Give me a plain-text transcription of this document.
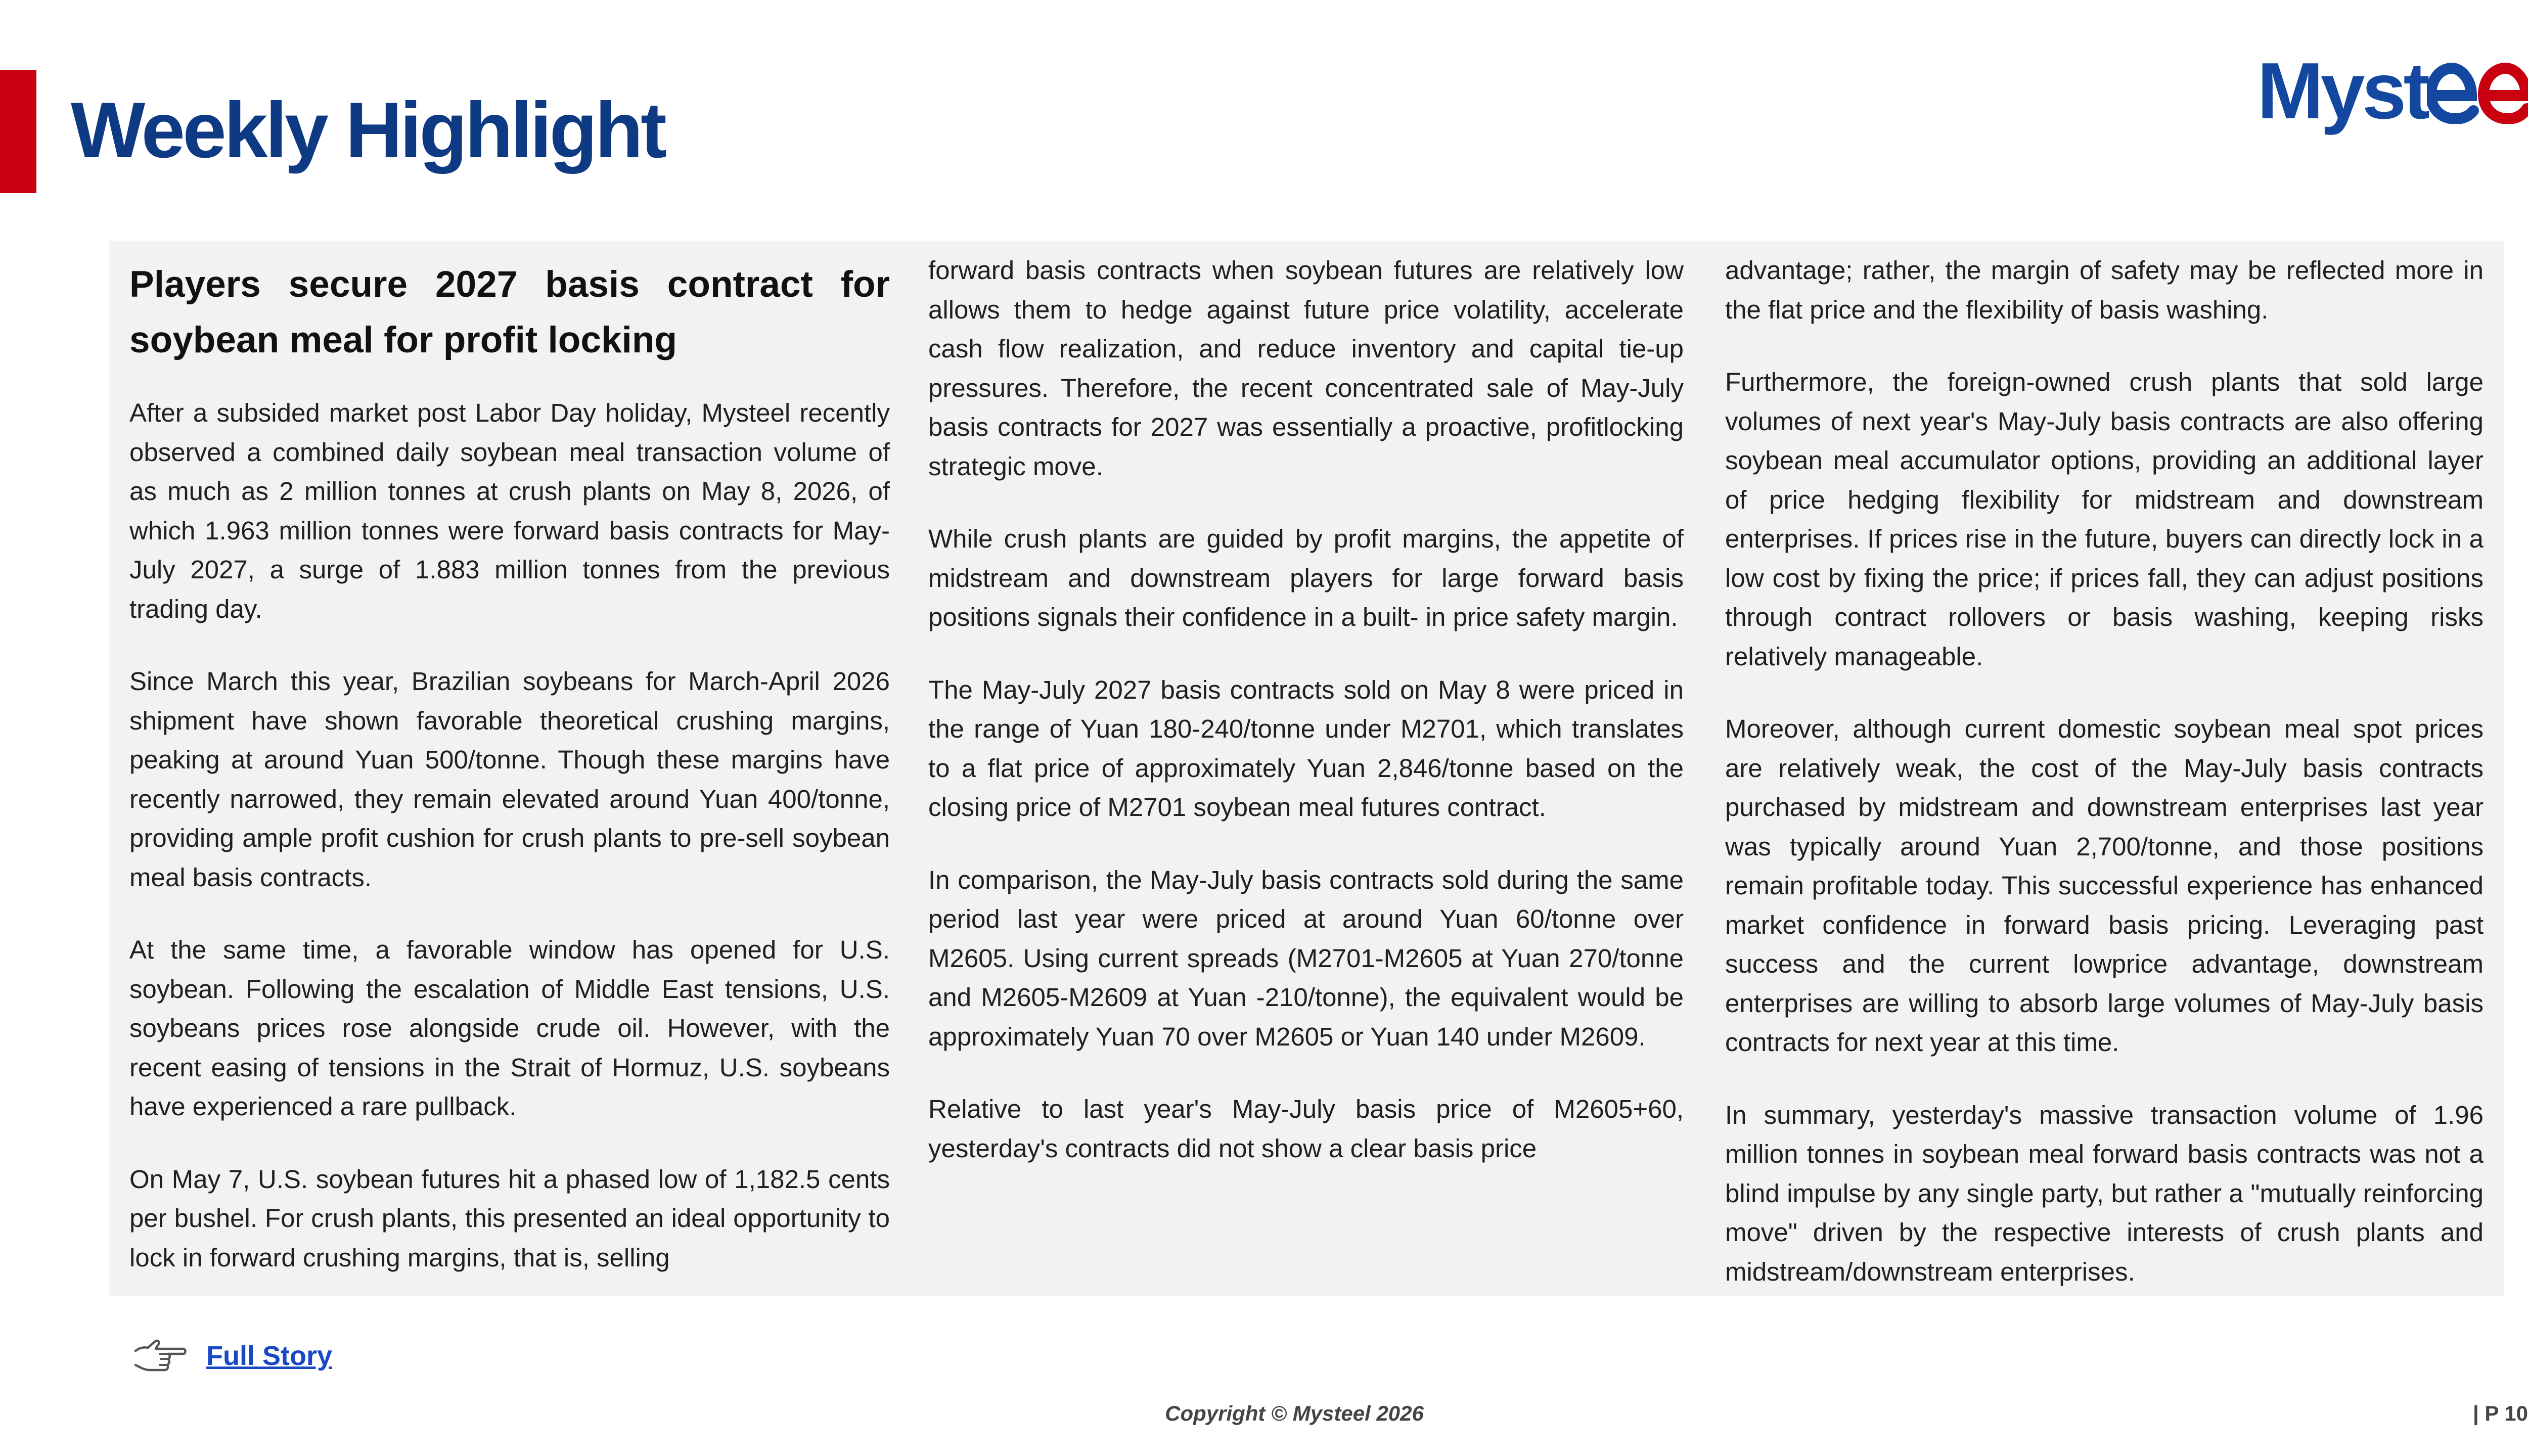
Weekly Highlight	Myst
Players secure 2027 basis contract for soybean meal for profit locking

After a subsided market post Labor Day holiday, Mysteel recently observed a combined daily soybean meal transaction volume of as much as 2 million tonnes at crush plants on May 8, 2026, of which 1.963 million tonnes were forward basis contracts for May-July 2027, a surge of 1.883 million tonnes from the previous trading day.

Since March this year, Brazilian soybeans for March-April 2026 shipment have shown favorable theoretical crushing margins, peaking at around Yuan 500/tonne. Though these margins have recently narrowed, they remain elevated around Yuan 400/tonne, providing ample profit cushion for crush plants to pre-sell soybean meal basis contracts.

At the same time, a favorable window has opened for U.S. soybean. Following the escalation of Middle East tensions, U.S. soybeans prices rose alongside crude oil. However, with the recent easing of tensions in the Strait of Hormuz, U.S. soybeans have experienced a rare pullback.

On May 7, U.S. soybean futures hit a phased low of 1,182.5 cents per bushel. For crush plants, this presented an ideal opportunity to lock in forward crushing margins, that is, selling

forward basis contracts when soybean futures are relatively low allows them to hedge against future price volatility, accelerate cash flow realization, and reduce inventory and capital tie-up pressures. Therefore, the recent concentrated sale of May-July basis contracts for 2027 was essentially a proactive, profitlocking strategic move.

While crush plants are guided by profit margins, the appetite of midstream and downstream players for large forward basis positions signals their confidence in a built‐ in price safety margin.

The May-July 2027 basis contracts sold on May 8 were priced in the range of Yuan 180-240/tonne under M2701, which translates to a flat price of approximately Yuan 2,846/tonne based on the closing price of M2701 soybean meal futures contract.

In comparison, the May-July basis contracts sold during the same period last year were priced at around Yuan 60/tonne over M2605. Using current spreads (M2701-M2605 at Yuan 270/tonne and M2605-M2609 at Yuan -210/tonne), the equivalent would be approximately Yuan 70 over M2605 or Yuan 140 under M2609.

Relative to last year's May-July basis price of M2605+60, yesterday's contracts did not show a clear basis price

advantage; rather, the margin of safety may be reflected more in the flat price and the flexibility of basis washing.

Furthermore, the foreign-owned crush plants that sold large volumes of next year's May-July basis contracts are also offering soybean meal accumulator options, providing an additional layer of price hedging flexibility for midstream and downstream enterprises. If prices rise in the future, buyers can directly lock in a low cost by fixing the price; if prices fall, they can adjust positions through contract rollovers or basis washing, keeping risks relatively manageable.

Moreover, although current domestic soybean meal spot prices are relatively weak, the cost of the May-July basis contracts purchased by midstream and downstream enterprises last year was typically around Yuan 2,700/tonne, and those positions remain profitable today. This successful experience has enhanced market confidence in forward basis pricing. Leveraging past success and the current lowprice advantage, downstream enterprises are willing to absorb large volumes of May-July basis contracts for next year at this time.

In summary, yesterday's massive transaction volume of 1.96 million tonnes in soybean meal forward basis contracts was not a blind impulse by any single party, but rather a "mutually reinforcing move" driven by the respective interests of crush plants and midstream/downstream enterprises.

Full Story
Copyright © Mysteel 2026	| P 10
